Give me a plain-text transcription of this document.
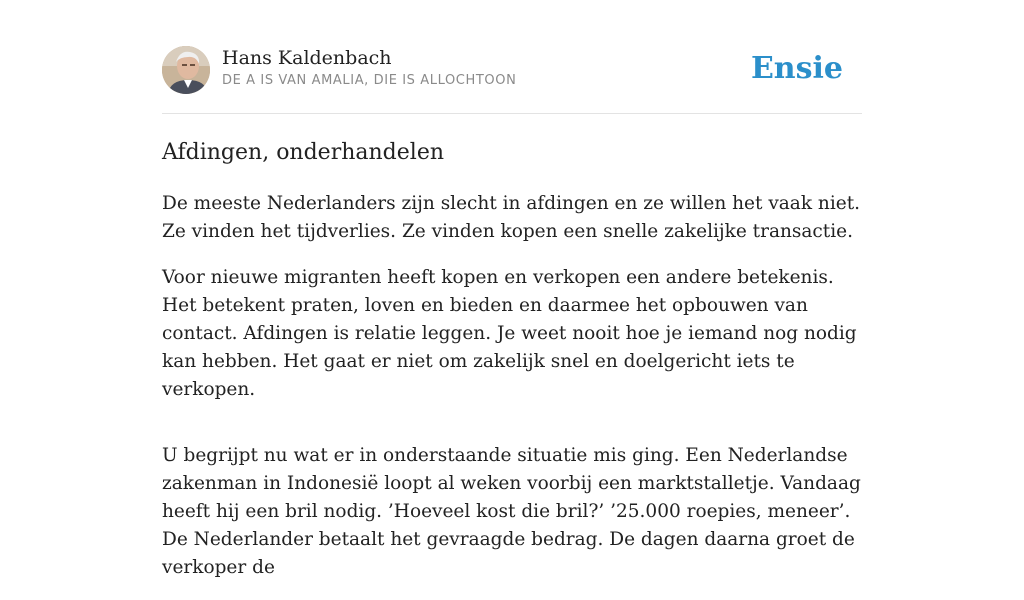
Hans Kaldenbach
DE A IS VAN AMALIA, DIE IS ALLOCHTOON	Ensie
Afdingen, onderhandelen

De meeste Nederlanders zijn slecht in afdingen en ze willen het vaak niet. Ze vinden het tijdverlies. Ze vinden kopen een snelle zakelijke transactie.

Voor nieuwe migranten heeft kopen en verkopen een andere betekenis. Het betekent praten, loven en bieden en daarmee het opbouwen van contact. Afdingen is relatie leggen. Je weet nooit hoe je iemand nog nodig kan hebben. Het gaat er niet om zakelijk snel en doelgericht iets te verkopen.

U begrijpt nu wat er in onderstaande situatie mis ging. Een Nederlandse zakenman in Indonesië loopt al weken voorbij een marktstalletje. Vandaag heeft hij een bril nodig. ’Hoeveel kost die bril?’ ’25.000 roepies, meneer’. De Nederlander betaalt het gevraagde bedrag. De dagen daarna groet de verkoper de
